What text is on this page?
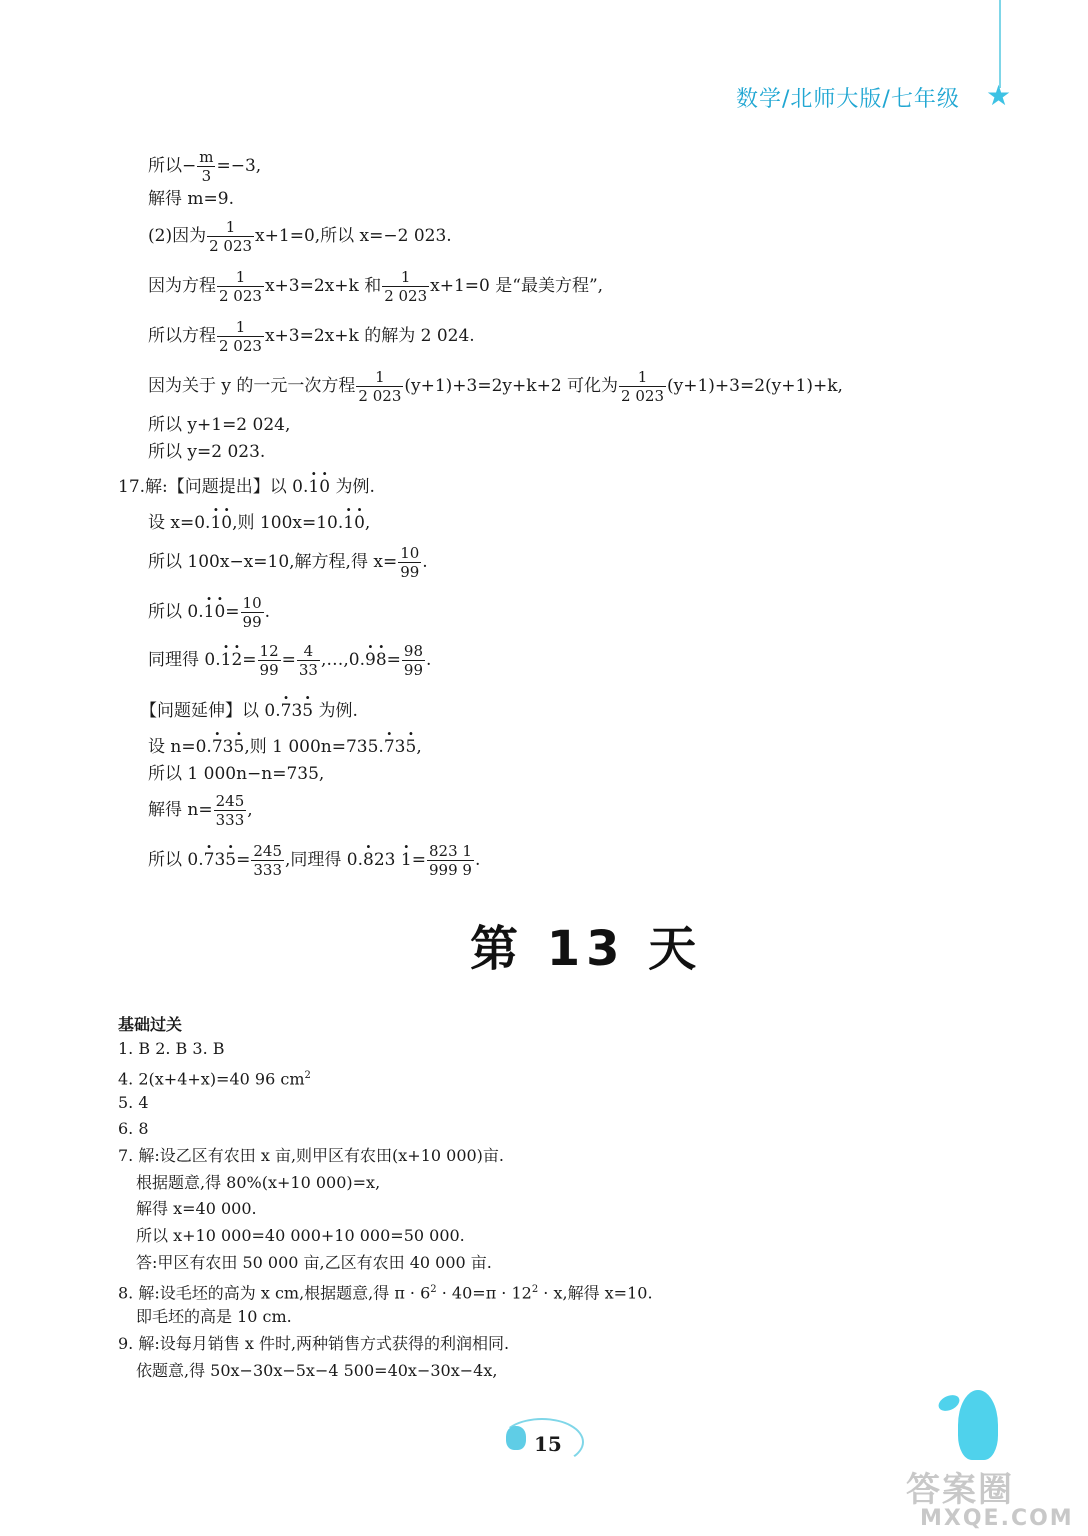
数学/北师大版/七年级 ★
所以− $\frac{m}{3} =-3$,
解得 m=9.
(2)因为 $\frac{1}{2 023} x+1=0$,所以 x=−2 023.
因为方程 $\frac{1}{2 023} x+3=2x+k$ 和 $\frac{1}{2 023} x+1=0$ 是“最美方程”,
所以方程 $\frac{1}{2 023} x+3=2x+k$ 的解为 2 024.
因为关于 y 的一元一次方程 $\frac{1}{2 023} (y+1)+3=2y+k+2$ 可化为 $\frac{1}{2 023} (y+1)+3=2(y+1)+k$,
所以 y+1=2 024,
所以 y=2 023.
17.解:【问题提出】以 0.· 1· 0 为例.
设 x=0.· 1· 0,则 100x=10.· 1· 0,
所以 100x−x=10,解方程,得 $x= \frac{10}{99}$ .
所以 $0.\cdot 1\cdot 0= \frac{10}{99}$ .
同理得 $0.\cdot 1\cdot 2= \frac{12}{99} = \frac{4}{33}$ ,…,0.· $9\cdot 8= \frac{98}{99}$ .
【问题延伸】以 0.· 73· 5 为例.
设 n=0.· 73· 5,则 1 000n=735.· 73· 5,
所以 1 000n−n=735,
解得 $n= \frac{245}{333}$ ,
所以 $0.\cdot 73\cdot 5= \frac{245}{333}$ ,同理得 $0.\cdot 823 \cdot 1= \frac{823 1}{999 9}$ .
第 13 天
基础过关
1. B 2. B 3. B
4. 2(x+4+x)=40 96 $cm^2$
5. 4
6. 8
7. 解:设乙区有农田 x 亩,则甲区有农田(x+10 000)亩.
根据题意,得 80%(x+10 000)=x,
解得 x=40 000.
所以 x+10 000=40 000+10 000=50 000.
答:甲区有农田 50 000 亩,乙区有农田 40 000 亩.
8. 解:设毛坯的高为 x cm,根据题意,得 $\pi \cdot 6^2 \cdot 40=\pi \cdot 12^2 \cdot x$,解得 x=10.
即毛坯的高是 10 cm.
9. 解:设每月销售 x 件时,两种销售方式获得的利润相同.
依题意,得 50x−30x−5x−4 500=40x−30x−4x,
15
答案圈
MXQE.COM
